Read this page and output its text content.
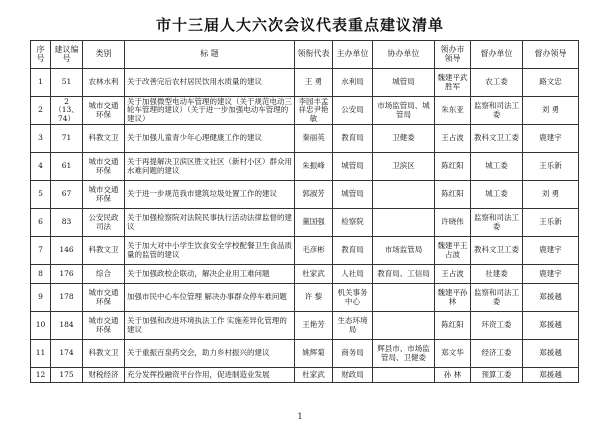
市十三届人大六次会议代表重点建议清单
序号	建议编号	类别	标 题	领衔代表	主办单位	协办单位	领办市领导	督办单位	督办领导
1	51	农林水利	关于改善完后农村居民饮用水质量的建议	王 勇	水利局	城管局	魏建平武胜军	农工委	路文忠
2	2（13、74）	城市交通环保	关于加强微型电动车管理的建议（关于规范电动三轮车管理的建议）（关于进一步加强电动车管理的建议）	李园丰孟祥忠尹艳敏	公安局	市场监管局、城管局	朱东亚	监察和司法工委	刘 勇
3	71	科教文卫	关于加强儿童青少年心理健康工作的建议	秦丽英	教育局	卫健委	王占波	教科文卫工委	鹿建宇
4	61	城市交通环保	关于再提解决卫滨区胜文社区（新村小区）群众用水难问题的建议	朱振峰	城管局	卫滨区	陈红阳	城工委	王乐新
5	67	城市交通环保	关于进一步规范我市建筑垃圾处置工作的建议	郭淑芳	城管局		陈红阳	城工委	刘 勇
6	83	公安民政司法	关于加强检察院对法院民事执行活动法律监督的建议	董国强	检察院		许晓伟	监察和司法工委	王乐新
7	146	科教文卫	关于加大对中小学生饮食安全学校配餐卫生食品质量的监管的建议	毛彦彬	教育局	市场监管局	魏建平王占波	教科文卫工委	鹿建宇
8	176	综合	关于加强政校企联动，解决企业用工难问题	杜家武	人社局	教育局、工信局	王占波	社建委	鹿建宇
9	178	城市交通环保	加强市民中心车位管理 解决办事群众停车难问题	许 黎	机关事务中心		魏建平孙 林	监察和司法工委	郑援越
10	184	城市交通环保	关于加强和改进环境执法工作 实施差异化管理的建议	王艳芳	生态环境局		陈红阳	环资工委	郑援越
11	174	科教文卫	关于重振百泉药交会，助力乡村振兴的建议	姚辉菊	商务局	辉县市、市场监管局、卫健委	郑文华	经济工委	郑援越
12	175	财税经济	充分发挥投融资平台作用，促进制造业发展	杜家武	财政局		孙 林	预算工委	郑援越
1
